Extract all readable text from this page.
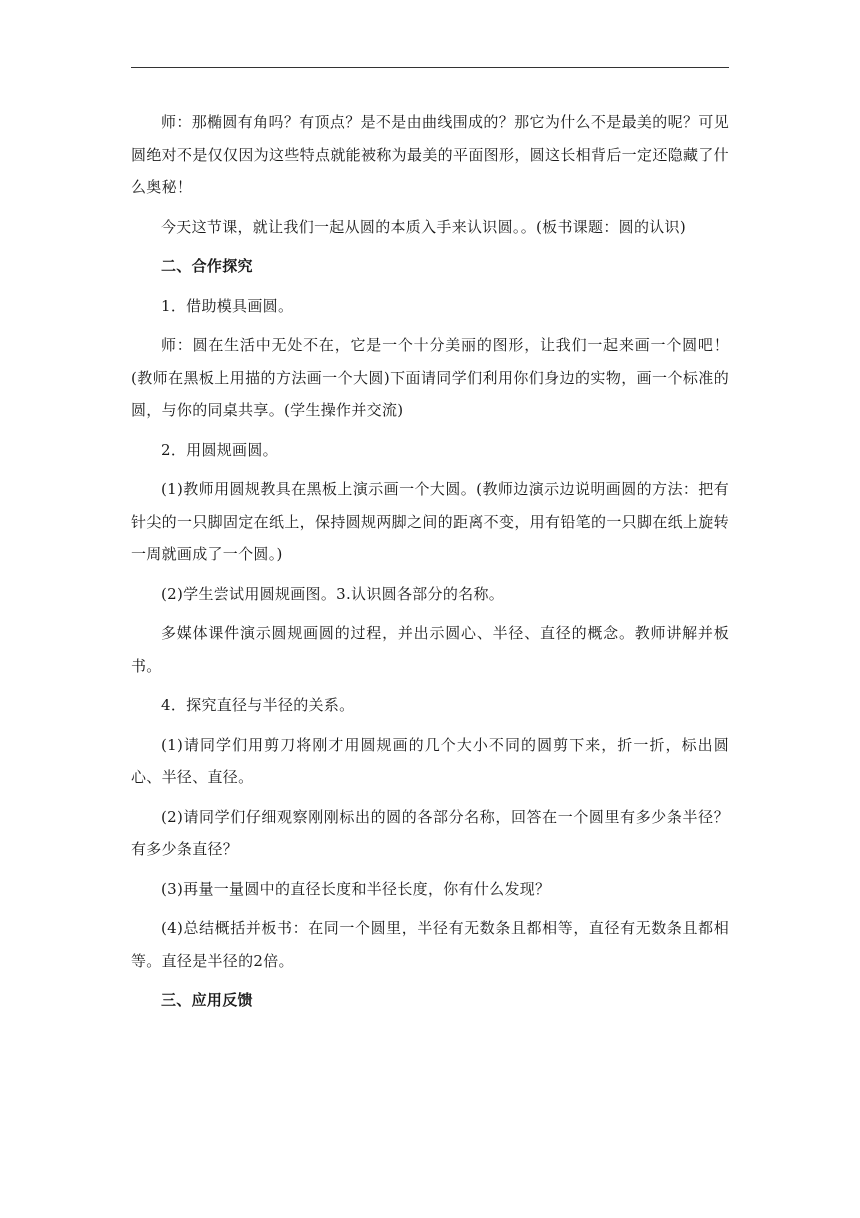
师：那椭圆有角吗？有顶点？是不是由曲线围成的？那它为什么不是最美的呢？可见圆绝对不是仅仅因为这些特点就能被称为最美的平面图形，圆这长相背后一定还隐藏了什么奥秘！

今天这节课，就让我们一起从圆的本质入手来认识圆。。(板书课题：圆的认识)

二、合作探究

1．借助模具画圆。

师：圆在生活中无处不在，它是一个十分美丽的图形，让我们一起来画一个圆吧！(教师在黑板上用描的方法画一个大圆)下面请同学们利用你们身边的实物，画一个标准的圆，与你的同桌共享。(学生操作并交流)

2．用圆规画圆。

(1)教师用圆规教具在黑板上演示画一个大圆。(教师边演示边说明画圆的方法：把有针尖的一只脚固定在纸上，保持圆规两脚之间的距离不变，用有铅笔的一只脚在纸上旋转一周就画成了一个圆。)

(2)学生尝试用圆规画图。3.认识圆各部分的名称。

多媒体课件演示圆规画圆的过程，并出示圆心、半径、直径的概念。教师讲解并板书。

4．探究直径与半径的关系。

(1)请同学们用剪刀将刚才用圆规画的几个大小不同的圆剪下来，折一折，标出圆心、半径、直径。

(2)请同学们仔细观察刚刚标出的圆的各部分名称，回答在一个圆里有多少条半径？有多少条直径？

(3)再量一量圆中的直径长度和半径长度，你有什么发现？

(4)总结概括并板书：在同一个圆里，半径有无数条且都相等，直径有无数条且都相等。直径是半径的2倍。

三、应用反馈
